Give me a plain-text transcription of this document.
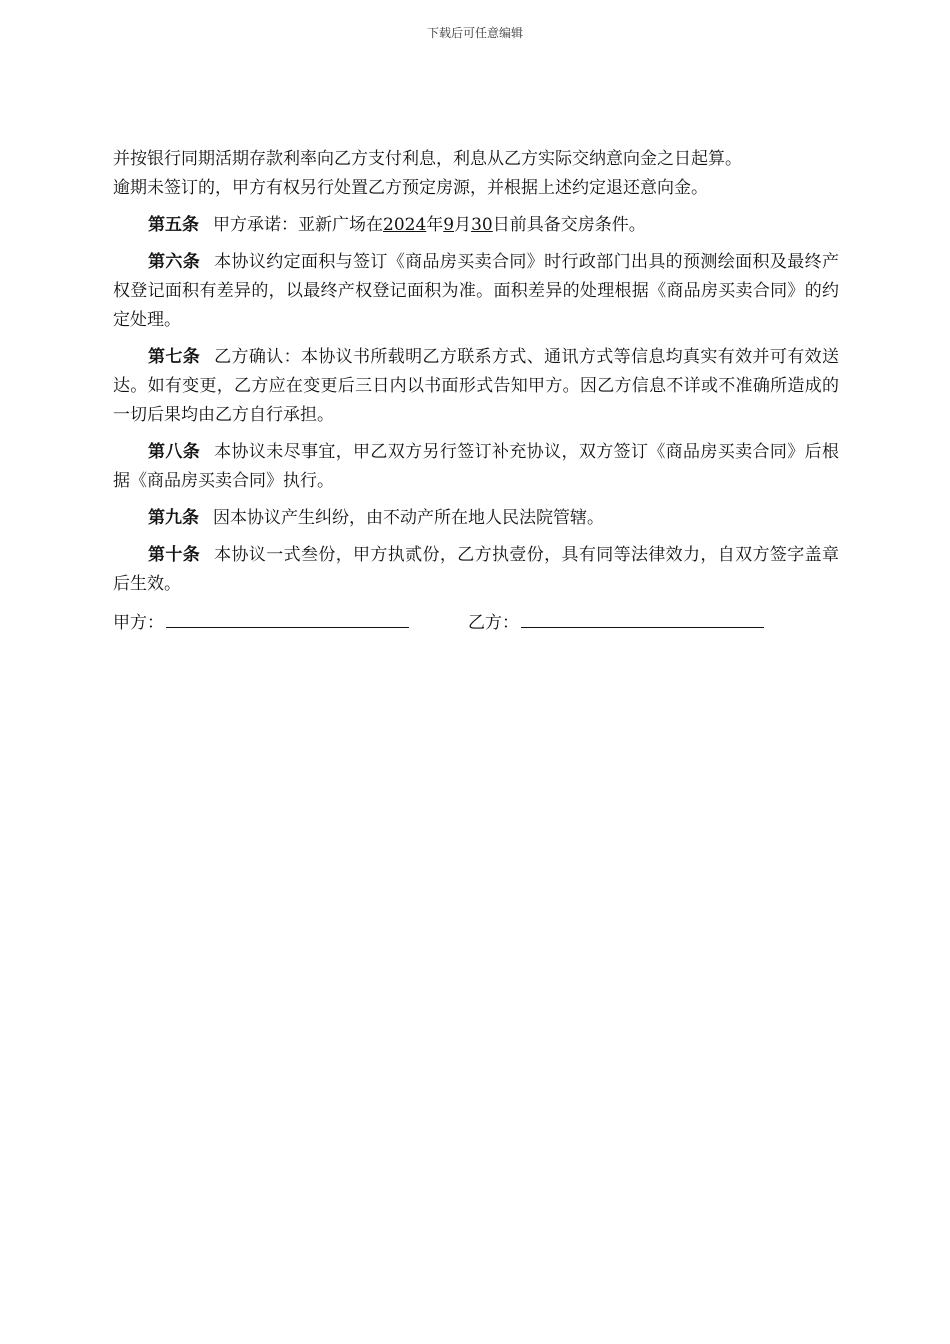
下载后可任意编辑

并按银行同期活期存款利率向乙方支付利息，利息从乙方实际交纳意向金之日起算。
逾期未签订的，甲方有权另行处置乙方预定房源，并根据上述约定退还意向金。

第五条 甲方承诺：亚新广场在2024年9月30日前具备交房条件。

第六条 本协议约定面积与签订《商品房买卖合同》时行政部门出具的预测绘面积及最终产权登记面积有差异的，以最终产权登记面积为准。面积差异的处理根据《商品房买卖合同》的约定处理。

第七条 乙方确认：本协议书所载明乙方联系方式、通讯方式等信息均真实有效并可有效送达。如有变更，乙方应在变更后三日内以书面形式告知甲方。因乙方信息不详或不准确所造成的一切后果均由乙方自行承担。

第八条 本协议未尽事宜，甲乙双方另行签订补充协议，双方签订《商品房买卖合同》后根据《商品房买卖合同》执行。

第九条 因本协议产生纠纷，由不动产所在地人民法院管辖。

第十条 本协议一式叁份，甲方执贰份，乙方执壹份，具有同等法律效力，自双方签字盖章后生效。

甲方：	乙方：
